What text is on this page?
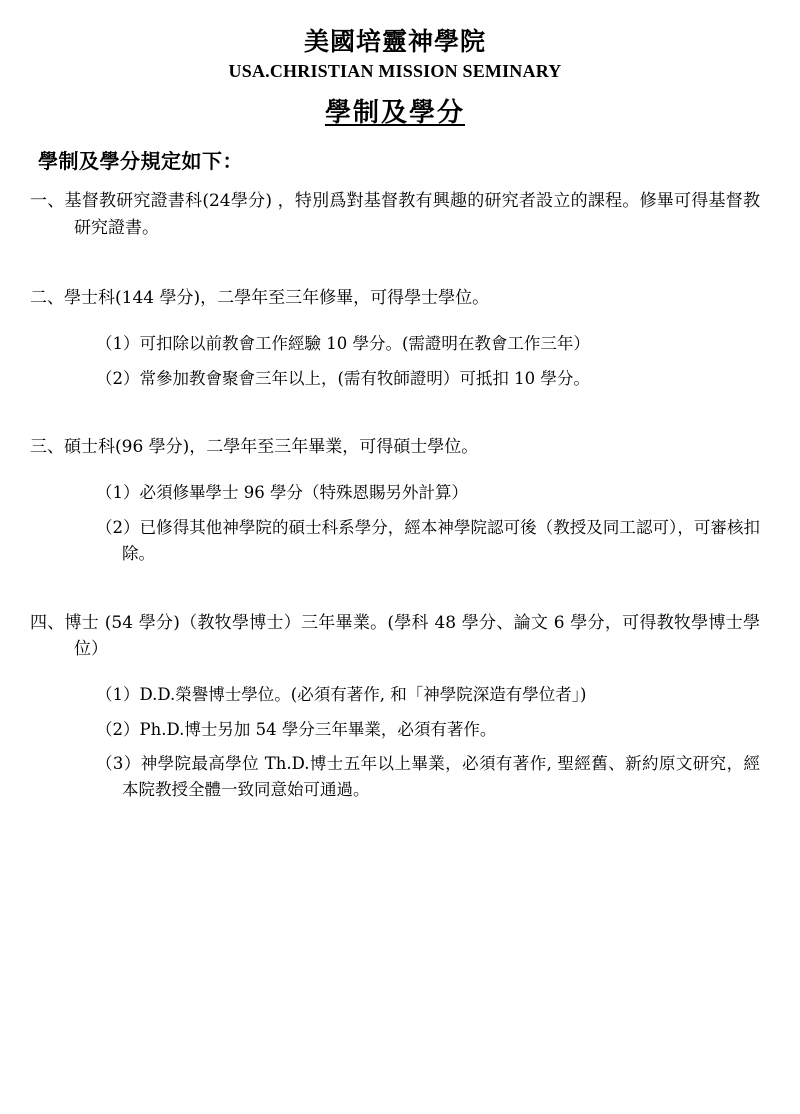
美國培靈神學院
USA.CHRISTIAN MISSION SEMINARY
學制及學分
學制及學分規定如下：
一、基督教研究證書科(24學分) ，特別爲對基督教有興趣的研究者設立的課程。修畢可得基督教研究證書。
二、學士科(144 學分)，二學年至三年修畢，可得學士學位。
（1）可扣除以前教會工作經驗 10 學分。(需證明在教會工作三年）
（2）常參加教會聚會三年以上，(需有牧師證明）可抵扣 10 學分。
三、碩士科(96 學分)，二學年至三年畢業，可得碩士學位。
（1）必須修畢學士 96 學分（特殊恩賜另外計算）
（2）已修得其他神學院的碩士科系學分，經本神學院認可後（教授及同工認可），可審核扣除。
四、博士 (54 學分)（教牧學博士）三年畢業。(學科 48 學分、論文 6 學分，可得教牧學博士學位）
（1）D.D.榮譽博士學位。(必須有著作, 和「神學院深造有學位者」)
（2）Ph.D.博士另加 54 學分三年畢業，必須有著作。
（3）神學院最高學位 Th.D.博士五年以上畢業，必須有著作, 聖經舊、新約原文研究，經本院教授全體一致同意始可通過。
